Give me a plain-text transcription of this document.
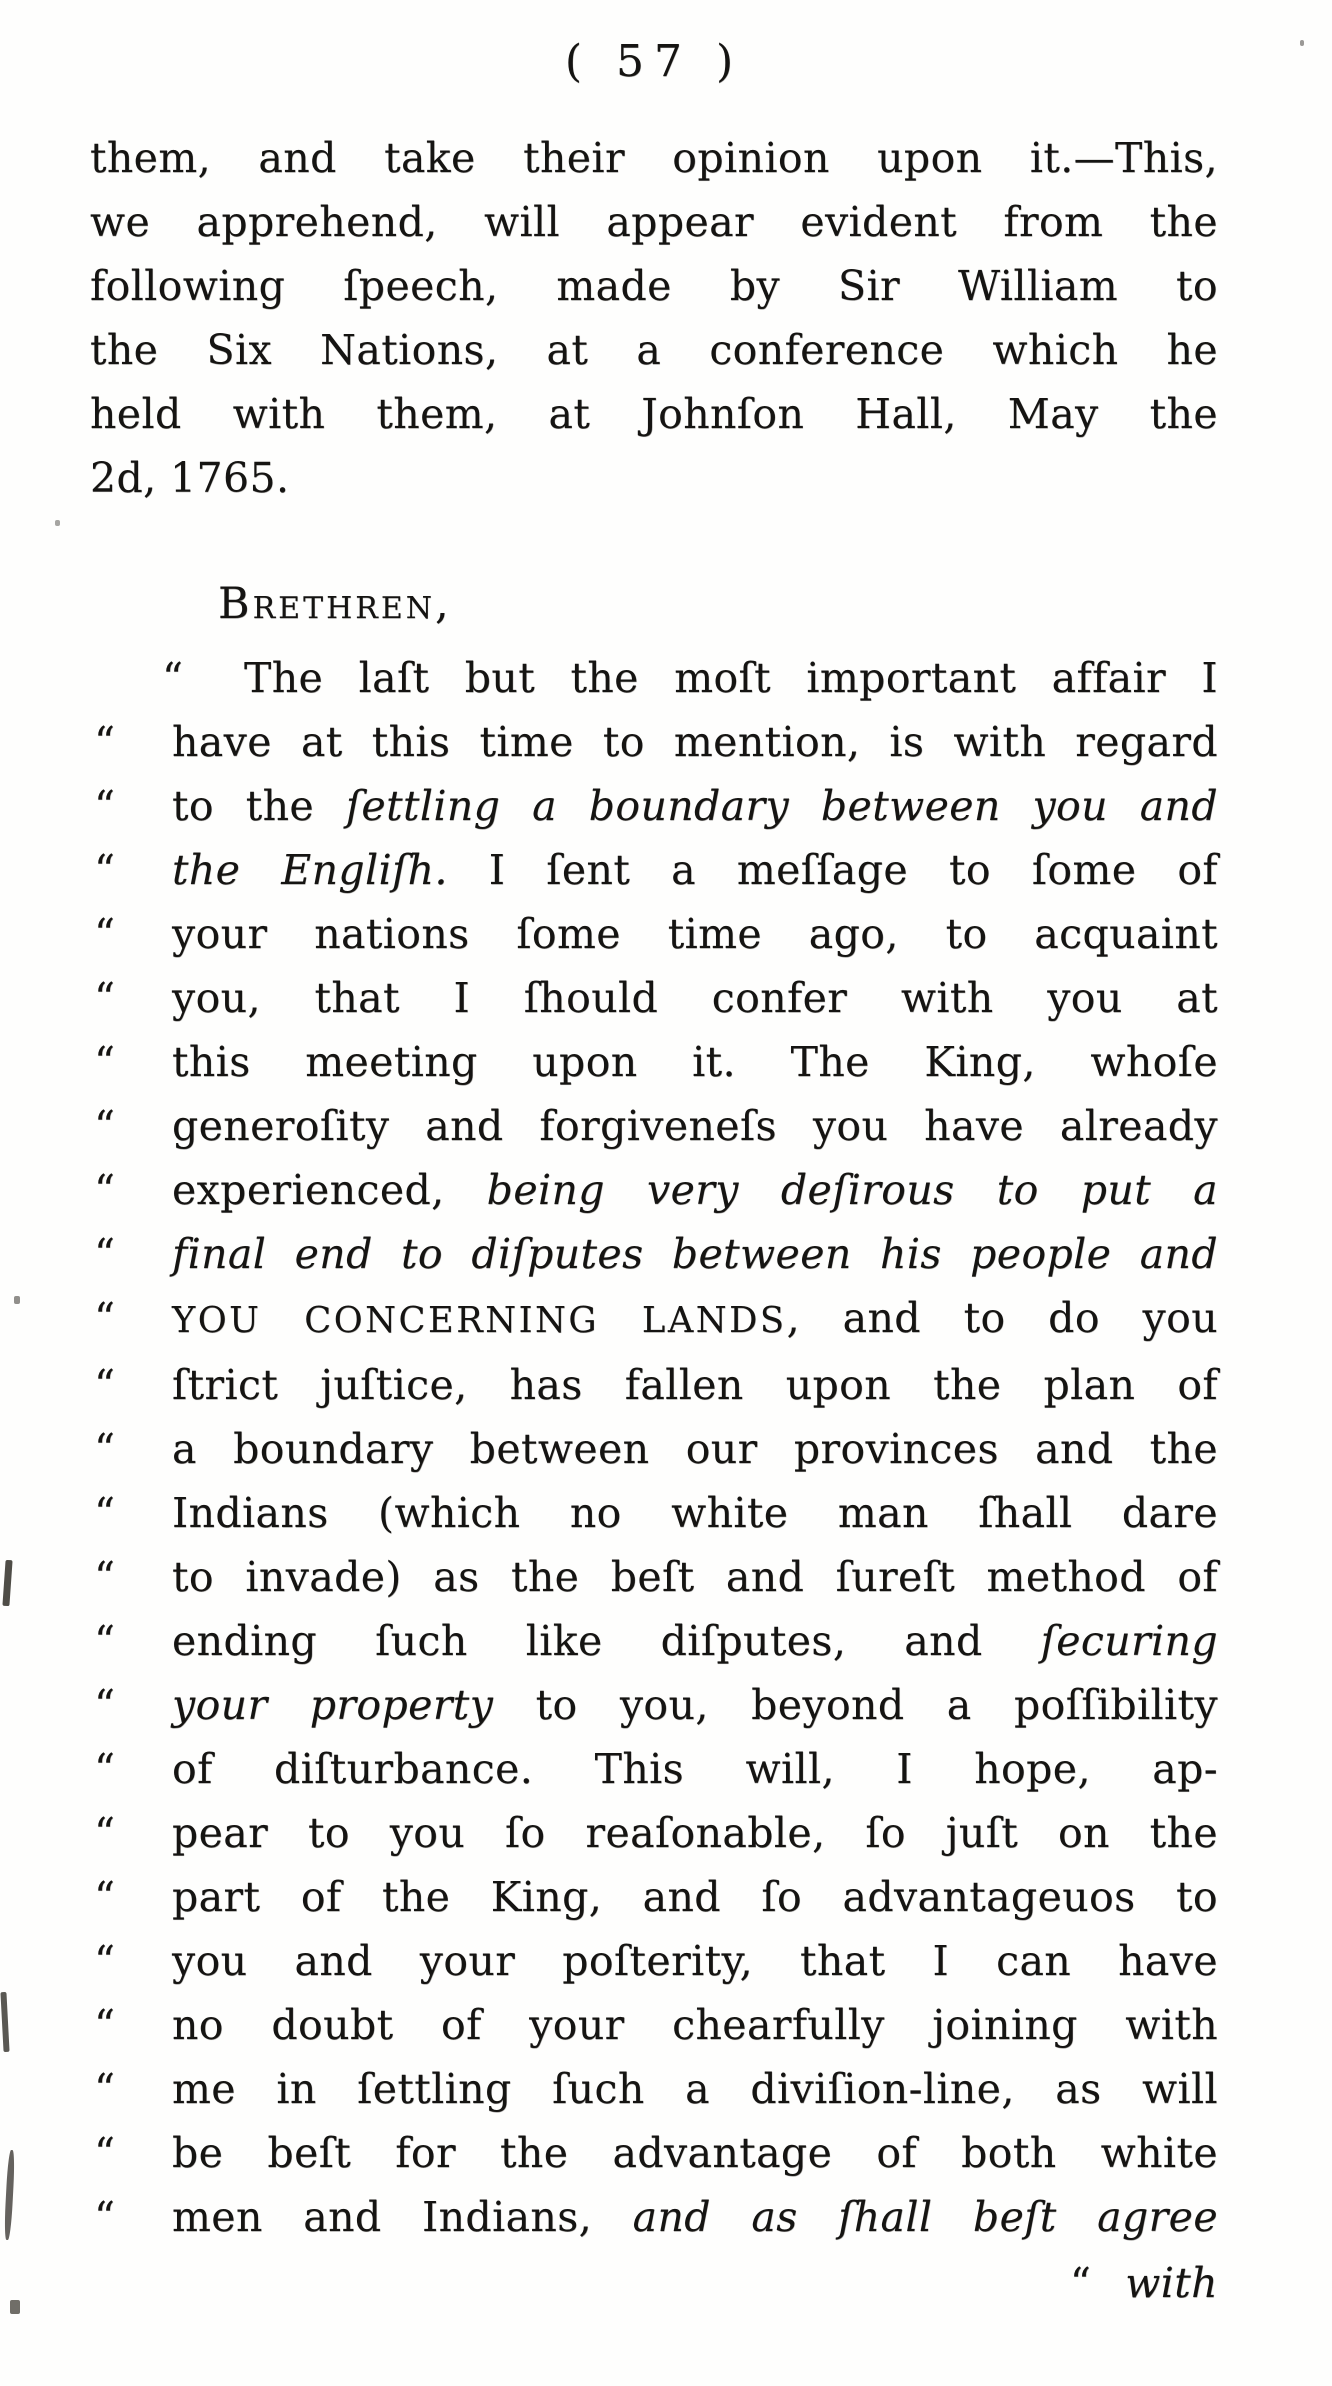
( 57 )
them, and take their opinion upon it.—This,
we apprehend, will appear evident from the
following ſpeech, made by Sir William to
the Six Nations, at a conference which he
held with them, at Johnſon Hall, May the
2d, 1765.
Brethren,
“ The laſt but the moſt important affair I
“ have at this time to mention, is with regard
“ to the ſettling a boundary between you and
“ the Engliſh. I ſent a meſſage to ſome of
“ your nations ſome time ago, to acquaint
“ you, that I ſhould confer with you at
“ this meeting upon it. The King, whoſe
“ generoſity and forgiveneſs you have already
“ experienced, being very deſirous to put a
“ final end to diſputes between his people and
“ YOU CONCERNING LANDS, and to do you
“ ſtrict juſtice, has fallen upon the plan of
“ a boundary between our provinces and the
“ Indians (which no white man ſhall dare
“ to invade) as the beſt and ſureſt method of
“ ending ſuch like diſputes, and ſecuring
“ your property to you, beyond a poſſibility
“ of diſturbance. This will, I hope, ap-
“ pear to you ſo reaſonable, ſo juſt on the
“ part of the King, and ſo advantageuos to
“ you and your poſterity, that I can have
“ no doubt of your chearfully joining with
“ me in ſettling ſuch a diviſion-line, as will
“ be beſt for the advantage of both white
“ men and Indians, and as ſhall beſt agree
“ with
